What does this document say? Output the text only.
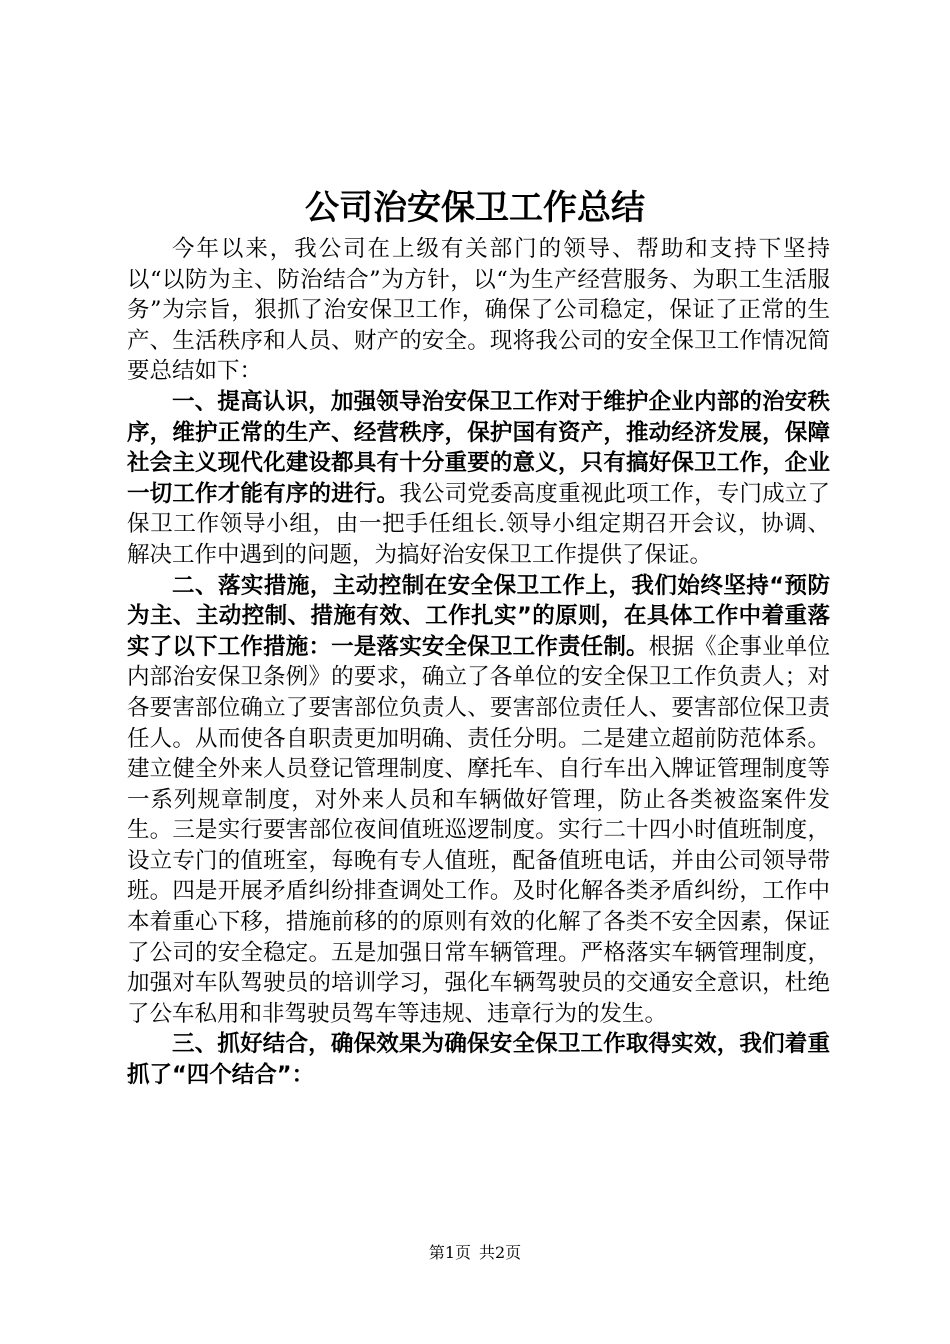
公司治安保卫工作总结

今年以来，我公司在上级有关部门的领导、帮助和支持下坚持以“以防为主、防治结合”为方针，以“为生产经营服务、为职工生活服务”为宗旨，狠抓了治安保卫工作，确保了公司稳定，保证了正常的生产、生活秩序和人员、财产的安全。现将我公司的安全保卫工作情况简要总结如下：

一、提高认识，加强领导治安保卫工作对于维护企业内部的治安秩序，维护正常的生产、经营秩序，保护国有资产，推动经济发展，保障社会主义现代化建设都具有十分重要的意义，只有搞好保卫工作，企业一切工作才能有序的进行。我公司党委高度重视此项工作，专门成立了保卫工作领导小组，由一把手任组长.领导小组定期召开会议，协调、解决工作中遇到的问题，为搞好治安保卫工作提供了保证。

二、落实措施，主动控制在安全保卫工作上，我们始终坚持“预防为主、主动控制、措施有效、工作扎实”的原则，在具体工作中着重落实了以下工作措施：一是落实安全保卫工作责任制。根据《企事业单位内部治安保卫条例》的要求，确立了各单位的安全保卫工作负责人；对各要害部位确立了要害部位负责人、要害部位责任人、要害部位保卫责任人。从而使各自职责更加明确、责任分明。二是建立超前防范体系。建立健全外来人员登记管理制度、摩托车、自行车出入牌证管理制度等一系列规章制度，对外来人员和车辆做好管理，防止各类被盗案件发生。三是实行要害部位夜间值班巡逻制度。实行二十四小时值班制度，设立专门的值班室，每晚有专人值班，配备值班电话，并由公司领导带班。四是开展矛盾纠纷排查调处工作。及时化解各类矛盾纠纷，工作中本着重心下移，措施前移的的原则有效的化解了各类不安全因素，保证了公司的安全稳定。五是加强日常车辆管理。严格落实车辆管理制度，加强对车队驾驶员的培训学习，强化车辆驾驶员的交通安全意识，杜绝了公车私用和非驾驶员驾车等违规、违章行为的发生。

三、抓好结合，确保效果为确保安全保卫工作取得实效，我们着重抓了“四个结合”：

第1页 共2页
